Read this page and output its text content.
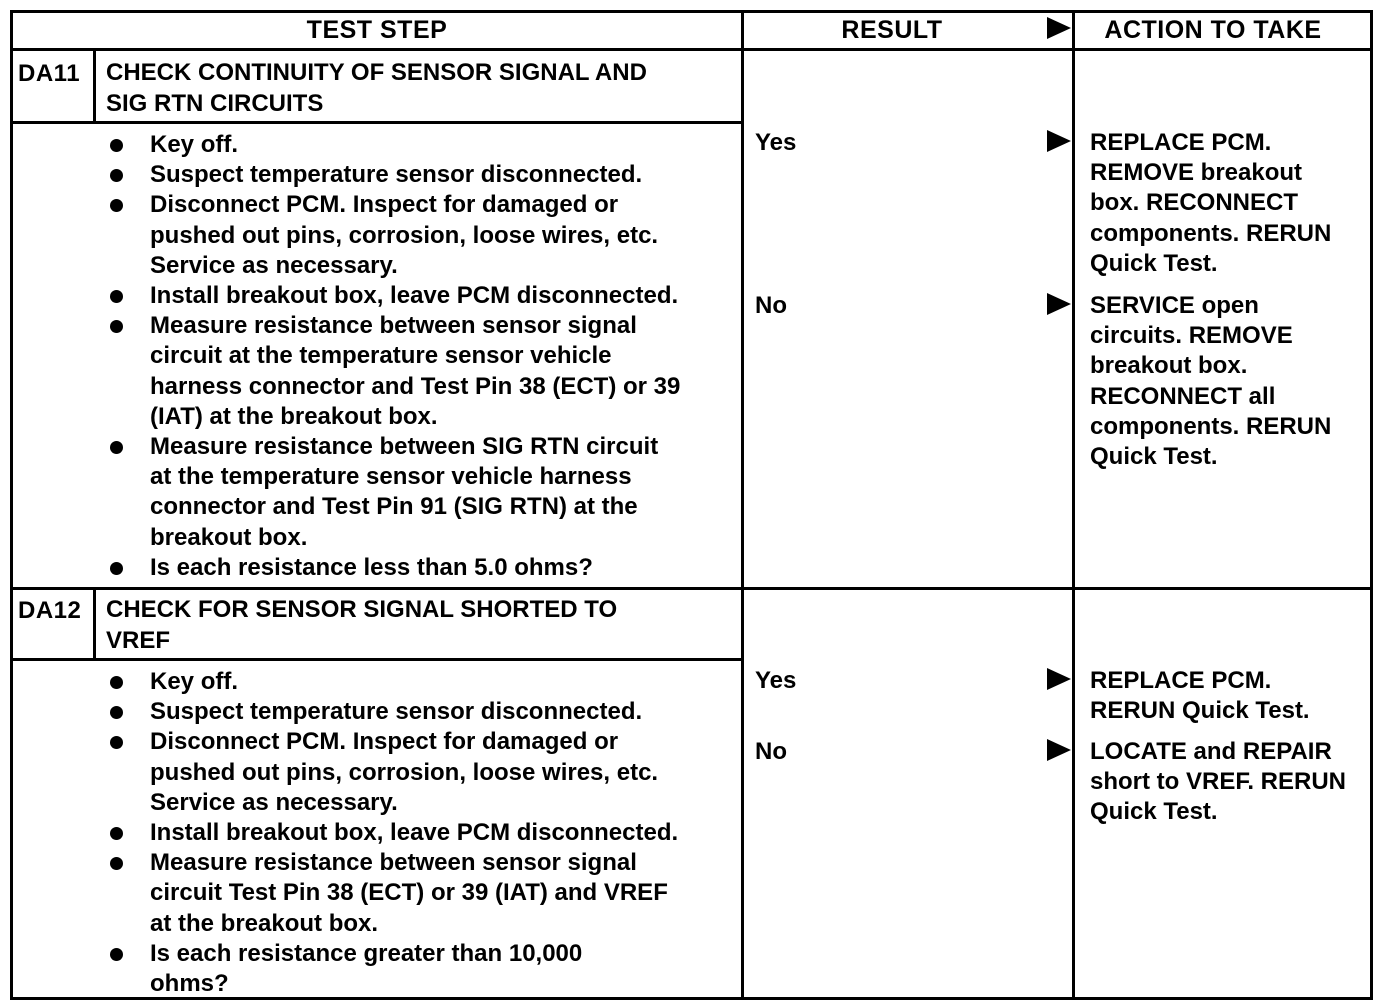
TEST STEP	RESULT	ACTION TO TAKE
DA11 CHECK CONTINUITY OF SENSOR SIGNAL AND
SIG RTN CIRCUITS
Key off.
Suspect temperature sensor disconnected.
Disconnect PCM. Inspect for damaged or
pushed out pins, corrosion, loose wires, etc.
Service as necessary.
Install breakout box, leave PCM disconnected.
Measure resistance between sensor signal
circuit at the temperature sensor vehicle
harness connector and Test Pin 38 (ECT) or 39
(IAT) at the breakout box.
Measure resistance between SIG RTN circuit
at the temperature sensor vehicle harness
connector and Test Pin 91 (SIG RTN) at the
breakout box.
Is each resistance less than 5.0 ohms?
Yes	REPLACE PCM.
REMOVE breakout
box. RECONNECT
components. RERUN
Quick Test.
No	SERVICE open
circuits. REMOVE
breakout box.
RECONNECT all
components. RERUN
Quick Test.
DA12 CHECK FOR SENSOR SIGNAL SHORTED TO
VREF
Key off.
Suspect temperature sensor disconnected.
Disconnect PCM. Inspect for damaged or
pushed out pins, corrosion, loose wires, etc.
Service as necessary.
Install breakout box, leave PCM disconnected.
Measure resistance between sensor signal
circuit Test Pin 38 (ECT) or 39 (IAT) and VREF
at the breakout box.
Is each resistance greater than 10,000
ohms?
Yes	REPLACE PCM.
RERUN Quick Test.
No	LOCATE and REPAIR
short to VREF. RERUN
Quick Test.
